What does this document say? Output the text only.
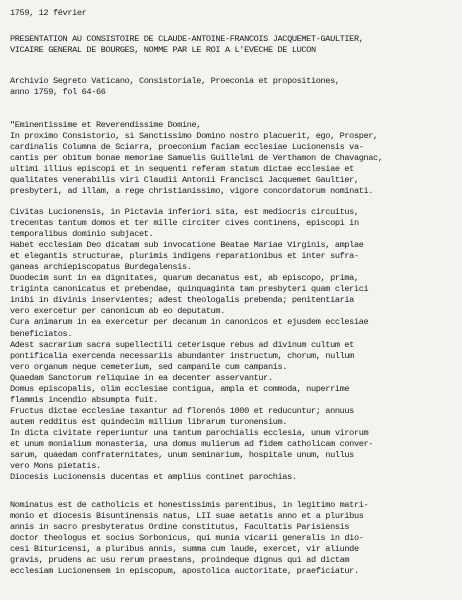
1759, 12 février
PRESENTATION AU CONSISTOIRE DE CLAUDE-ANTOINE-FRANCOIS JACQUEMET-GAULTIER,
VICAIRE GENERAL DE BOURGES, NOMME PAR LE ROI A L'EVECHE DE LUCON
Archivio Segreto Vaticano, Consistoriale, Proeconia et propositiones,
anno 1759, fol 64-66
"Eminentissime et Reverendissime Domine,
In proximo Consistorio, si Sanctissimo Domino nostro placuerit, ego, Prosper,
cardinalis Columna de Sciarra, proeconium faciam ecclesiae Lucionensis va-
cantis per obitum bonae memoriae Samuelis Guillelmi de Verthamon de Chavagnac,
ultimi illius episcopi et in sequenti referam statum dictae ecclesiae et
qualitates venerabilis viri Claudii Antonii Francisci Jacquemet Gaultier,
presbyteri, ad illam, a rege christianissimo, vigore concordatorum nominati.
Civitas Lucionensis, in Pictavia inferiori sita, est mediocris circuitus,
trecentas tantum domos et ter mille circiter cives continens, episcopi in
temporalibus dominio subjacet.
Habet ecclesiam Deo dicatam sub invocatione Beatae Mariae Virginis, amplae
et elegantis structurae, plurimis indigens reparationibus et inter sufra-
ganeas archiepiscopatus Burdegalensis.
Duodecim sunt in ea dignitates, quarum decanatus est, ab episcopo, prima,
triginta canonicatus et prebendae, quinquaginta tam presbyteri quam clerici
inibi in divinis inservientes; adest theologalis prebenda; penitentiaria
vero exercetur per canonicum ab eo deputatum.
Cura animarum in ea exercetur per decanum in canonicos et ejusdem ecclesiae
beneficiatos.
Adest sacrarium sacra supellectili ceterisque rebus ad divinum cultum et
pontificalia exercenda necessariis abundanter instructum, chorum, nullum
vero organum neque cemeterium, sed campanile cum campanis.
Quaedam Sanctorum reliquiae in ea decenter asservantur.
Domus episcopalis, olim ecclesiae contigua, ampla et commoda, nuperrime
flammis incendio absumpta fuit.
Fructus dictae ecclesiae taxantur ad florenós 1000 et reducuntur; annuus
autem redditus est quindecim millium librarum turonensium.
In dicta civitate reperiuntur una tantum parochialis ecclesia, unum virorum
et unum monialium monasteria, una domus mulierum ad fidem catholicam conver-
sarum, quaedam confraternitates, unum seminarium, hospitale unum, nullus
vero Mons pietatis.
Diocesis Lucionensis ducentas et amplius continet parochias.
Nominatus est de catholicis et honestissimis parentibus, in legitimo matri-
monio et diocesis Bisuntinensis natus, LII suae aetatis anno et a pluribus
annis in sacro presbyteratus Ordine constitutus, Facultatis Parisiensis
doctor theologus et socius Sorbonicus, qui munia vicarii generalis in dio-
cesi Bituricensi, a pluribus annis, summa cum laude, exercet, vir aliunde
gravis, prudens ac usu rerum praestans, proindeque dignus qui ad dictam
ecclesiam Lucionensem in episcopum, apostolica auctoritate, praeficiatur.
